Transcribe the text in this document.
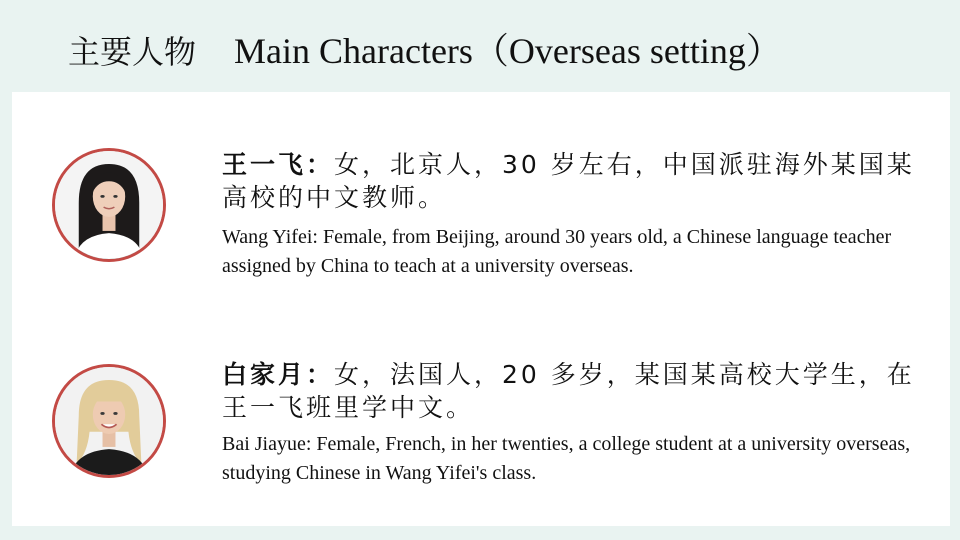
主要人物 Main Characters（Overseas setting）
王一飞：女，北京人，30 岁左右，中国派驻海外某国某高校的中文教师。
Wang Yifei: Female, from Beijing, around 30 years old, a Chinese language teacher assigned by China to teach at a university overseas.
白家月：女，法国人，20 多岁，某国某高校大学生，在王一飞班里学中文。
Bai Jiayue: Female, French, in her twenties, a college student at a university overseas, studying Chinese in Wang Yifei's class.
